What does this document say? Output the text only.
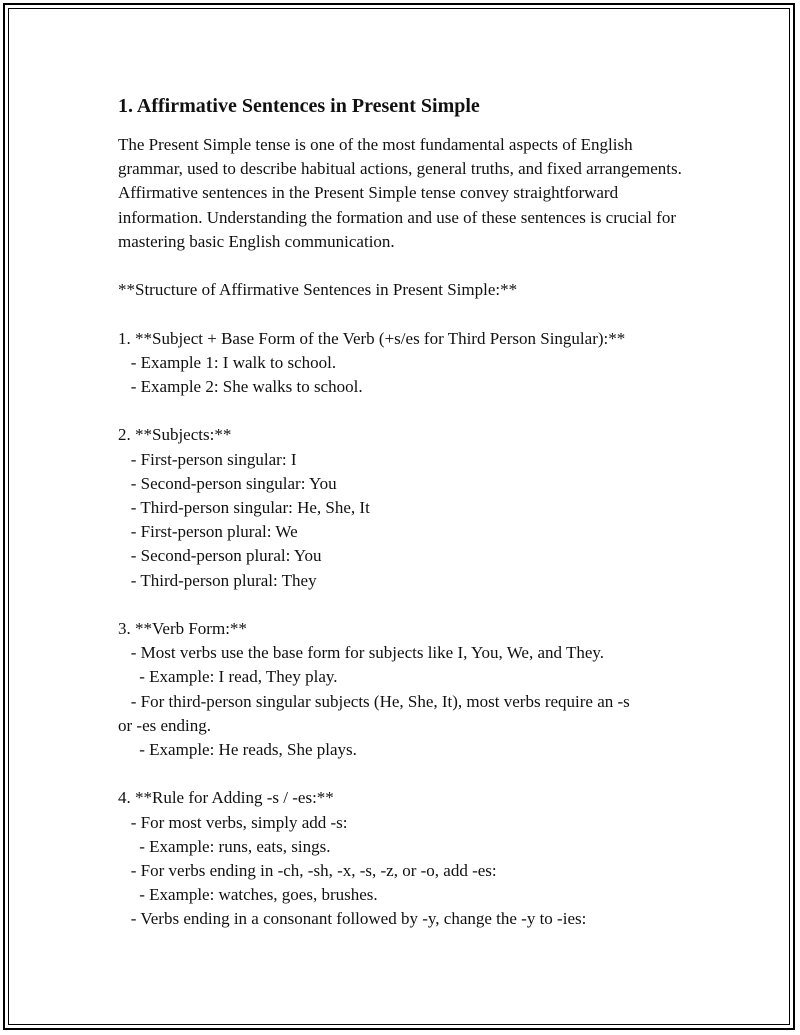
1. Affirmative Sentences in Present Simple

The Present Simple tense is one of the most fundamental aspects of English grammar, used to describe habitual actions, general truths, and fixed arrangements. Affirmative sentences in the Present Simple tense convey straightforward information. Understanding the formation and use of these sentences is crucial for mastering basic English communication.

**Structure of Affirmative Sentences in Present Simple:**

1. **Subject + Base Form of the Verb (+s/es for Third Person Singular):**

- Example 1: I walk to school.

- Example 2: She walks to school.

2. **Subjects:**

- First-person singular: I

- Second-person singular: You

- Third-person singular: He, She, It

- First-person plural: We

- Second-person plural: You

- Third-person plural: They

3. **Verb Form:**

- Most verbs use the base form for subjects like I, You, We, and They.

- Example: I read, They play.

- For third-person singular subjects (He, She, It), most verbs require an -s

or -es ending.

- Example: He reads, She plays.

4. **Rule for Adding -s / -es:**

- For most verbs, simply add -s:

- Example: runs, eats, sings.

- For verbs ending in -ch, -sh, -x, -s, -z, or -o, add -es:

- Example: watches, goes, brushes.

- Verbs ending in a consonant followed by -y, change the -y to -ies:
